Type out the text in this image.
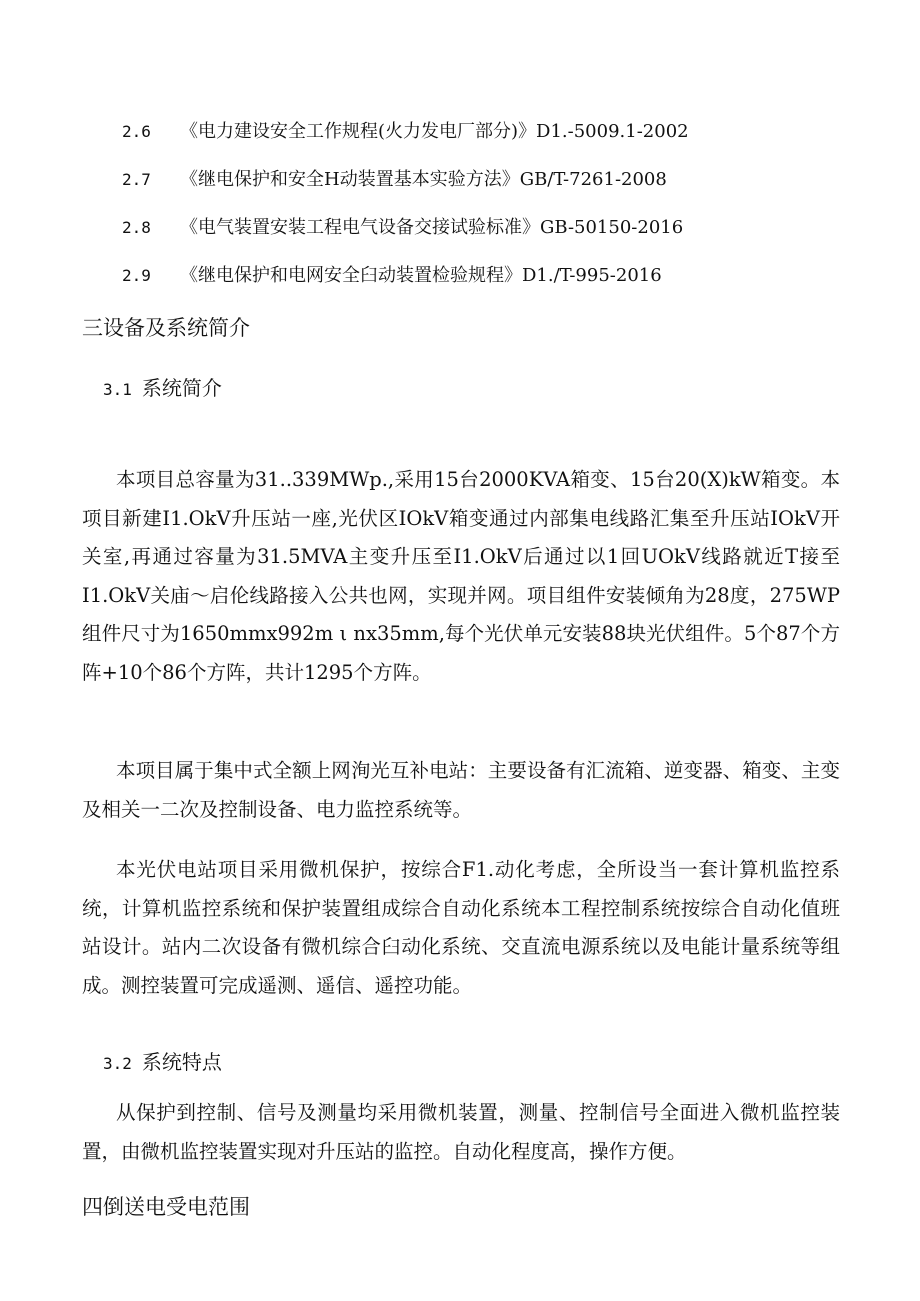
2.6 《电力建设安全工作规程(火力发电厂部分)》D1.-5009.1-2002
2.7 《继电保护和安全H动装置基本实验方法》GB/T-7261-2008
2.8 《电气装置安装工程电气设备交接试验标准》GB-50150-2016
2.9 《继电保护和电网安全臼动装置检验规程》D1./T-995-2016
三设备及系统简介
3.1 系统简介
本项目总容量为31..339MWp.,采用15台2000KVA箱变、15台20(X)kW箱变。本项目新建I1.OkV升压站一座,光伏区IOkV箱变通过内部集电线路汇集至升压站IOkV开关室,再通过容量为31.5MVA主变升压至I1.OkV后通过以1回UOkV线路就近T接至I1.OkV关庙〜启伦线路接入公共也网，实现并网。项目组件安装倾角为28度，275WP组件尺寸为1650mmx992m ι nx35mm,每个光伏单元安装88块光伏组件。5个87个方阵+10个86个方阵，共计1295个方阵。
本项目属于集中式全额上网洵光互补电站：主要设备有汇流箱、逆变器、箱变、主变及相关一二次及控制设备、电力监控系统等。
本光伏电站项目采用微机保护，按综合F1.动化考虑，全所设当一套计算机监控系统，计算机监控系统和保护装置组成综合自动化系统本工程控制系统按综合自动化值班站设计。站内二次设备有微机综合臼动化系统、交直流电源系统以及电能计量系统等组成。测控装置可完成遥测、遥信、遥控功能。
3.2 系统特点
从保护到控制、信号及测量均采用微机装置，测量、控制信号全面进入微机监控装置，由微机监控装置实现对升压站的监控。自动化程度高，操作方便。
四倒送电受电范围
